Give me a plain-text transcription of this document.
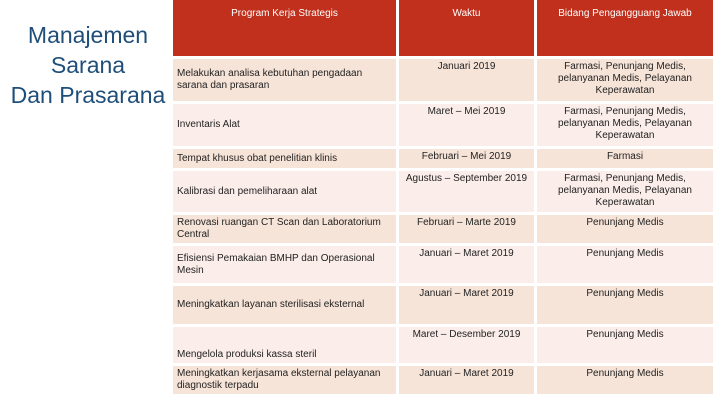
Manajemen
Sarana
Dan Prasarana
Program Kerja Strategis	Waktu	Bidang Pengangguang Jawab
Melakukan analisa kebutuhan pengadaan sarana dan prasaran	Januari 2019	Farmasi, Penunjang Medis, pelanyanan Medis, Pelayanan Keperawatan
Inventaris Alat	Maret – Mei 2019	Farmasi, Penunjang Medis, pelanyanan Medis, Pelayanan Keperawatan
Tempat khusus obat penelitian klinis	Februari – Mei 2019	Farmasi
Kalibrasi dan pemeliharaan alat	Agustus – September 2019	Farmasi, Penunjang Medis, pelanyanan Medis, Pelayanan Keperawatan
Renovasi ruangan CT Scan dan Laboratorium Central	Februari – Marte 2019	Penunjang Medis
Efisiensi Pemakaian BMHP dan Operasional Mesin	Januari – Maret 2019	Penunjang Medis
Meningkatkan layanan sterilisasi eksternal	Januari – Maret 2019	Penunjang Medis
Mengelola produksi kassa steril	Maret – Desember 2019	Penunjang Medis
Meningkatkan kerjasama eksternal pelayanan diagnostik terpadu	Januari – Maret 2019	Penunjang Medis
